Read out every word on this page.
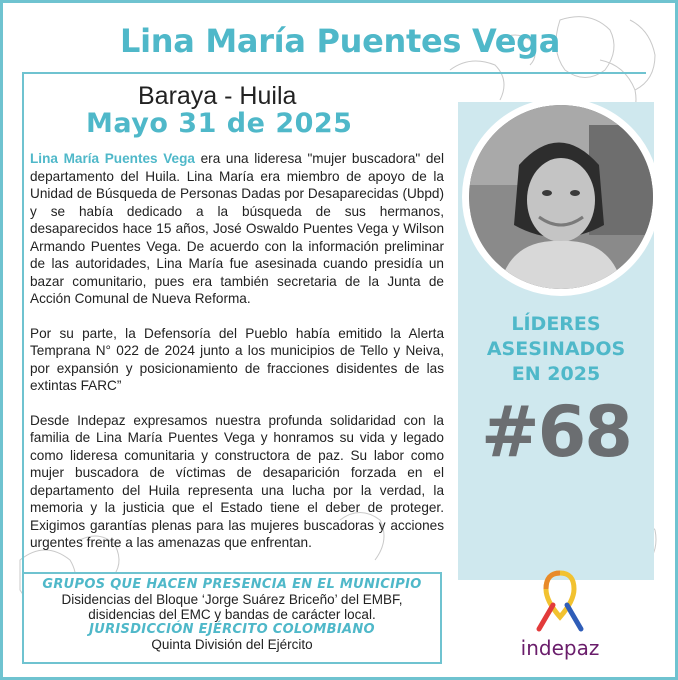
Lina María Puentes Vega
Baraya - Huila
Mayo 31 de 2025

Lina María Puentes Vega era una lideresa "mujer buscadora" del departamento del Huila. Lina María era miembro de apoyo de la Unidad de Búsqueda de Personas Dadas por Desaparecidas (Ubpd) y se había dedicado a la búsqueda de sus hermanos, desaparecidos hace 15 años, José Oswaldo Puentes Vega y Wilson Armando Puentes Vega. De acuerdo con la información preliminar de las autoridades, Lina María fue asesinada cuando presidía un bazar comunitario, pues era también secretaria de la Junta de Acción Comunal de Nueva Reforma.

Por su parte, la Defensoría del Pueblo había emitido la Alerta Temprana N° 022 de 2024 junto a los municipios de Tello y Neiva, por expansión y posicionamiento de fracciones disidentes de las extintas FARC”

Desde Indepaz expresamos nuestra profunda solidaridad con la familia de Lina María Puentes Vega y honramos su vida y legado como lideresa comunitaria y constructora de paz. Su labor como mujer buscadora de víctimas de desaparición forzada en el departamento del Huila representa una lucha por la verdad, la memoria y la justicia que el Estado tiene el deber de proteger. Exigimos garantías plenas para las mujeres buscadoras y acciones urgentes frente a las amenazas que enfrentan.

LÍDERES
ASESINADOS
EN 2025
#68
GRUPOS QUE HACEN PRESENCIA EN EL MUNICIPIO
Disidencias del Bloque ‘Jorge Suárez Briceño’ del EMBF,
disidencias del EMC y bandas de carácter local.
JURISDICCIÓN EJÉRCITO COLOMBIANO
Quinta División del Ejército	indepaz
